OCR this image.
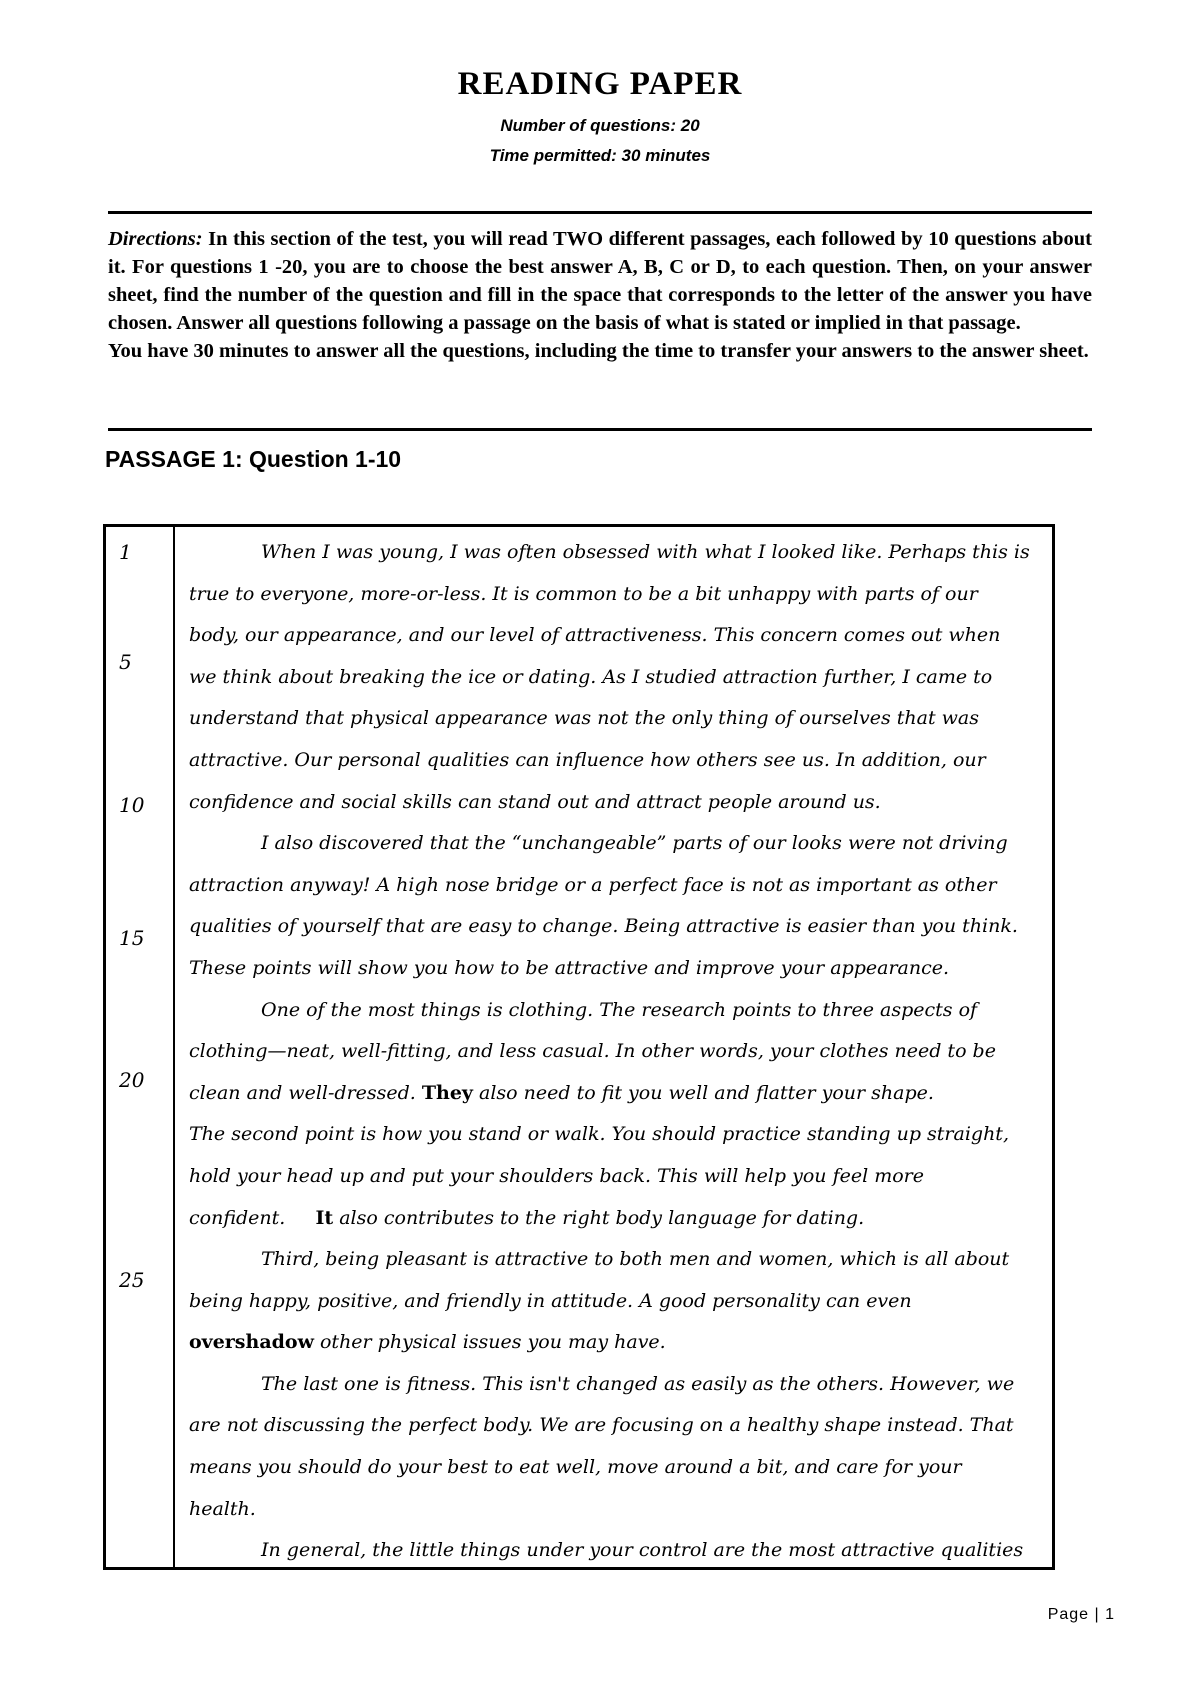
READING PAPER
Number of questions: 20
Time permitted: 30 minutes

Directions: In this section of the test, you will read TWO different passages, each followed by 10 questions about it. For questions 1 -20, you are to choose the best answer A, B, C or D, to each question. Then, on your answer sheet, find the number of the question and fill in the space that corresponds to the letter of the answer you have chosen. Answer all questions following a passage on the basis of what is stated or implied in that passage.

You have 30 minutes to answer all the questions, including the time to transfer your answers to the answer sheet.

PASSAGE 1: Question 1-10
1
5
10
15
20
25
When I was young, I was often obsessed with what I looked like. Perhaps this is
true to everyone, more-or-less. It is common to be a bit unhappy with parts of our
body, our appearance, and our level of attractiveness. This concern comes out when
we think about breaking the ice or dating. As I studied attraction further, I came to
understand that physical appearance was not the only thing of ourselves that was
attractive. Our personal qualities can influence how others see us. In addition, our
confidence and social skills can stand out and attract people around us.
I also discovered that the “unchangeable” parts of our looks were not driving
attraction anyway! A high nose bridge or a perfect face is not as important as other
qualities of yourself that are easy to change. Being attractive is easier than you think.
These points will show you how to be attractive and improve your appearance.
One of the most things is clothing. The research points to three aspects of
clothing—neat, well-fitting, and less casual. In other words, your clothes need to be
clean and well-dressed. They also need to fit you well and flatter your shape.
The second point is how you stand or walk. You should practice standing up straight,
hold your head up and put your shoulders back. This will help you feel more
confident.     It also contributes to the right body language for dating.
Third, being pleasant is attractive to both men and women, which is all about
being happy, positive, and friendly in attitude. A good personality can even
overshadow other physical issues you may have.
The last one is fitness. This isn't changed as easily as the others. However, we
are not discussing the perfect body. We are focusing on a healthy shape instead. That
means you should do your best to eat well, move around a bit, and care for your
health.
In general, the little things under your control are the most attractive qualities
Page | 1
